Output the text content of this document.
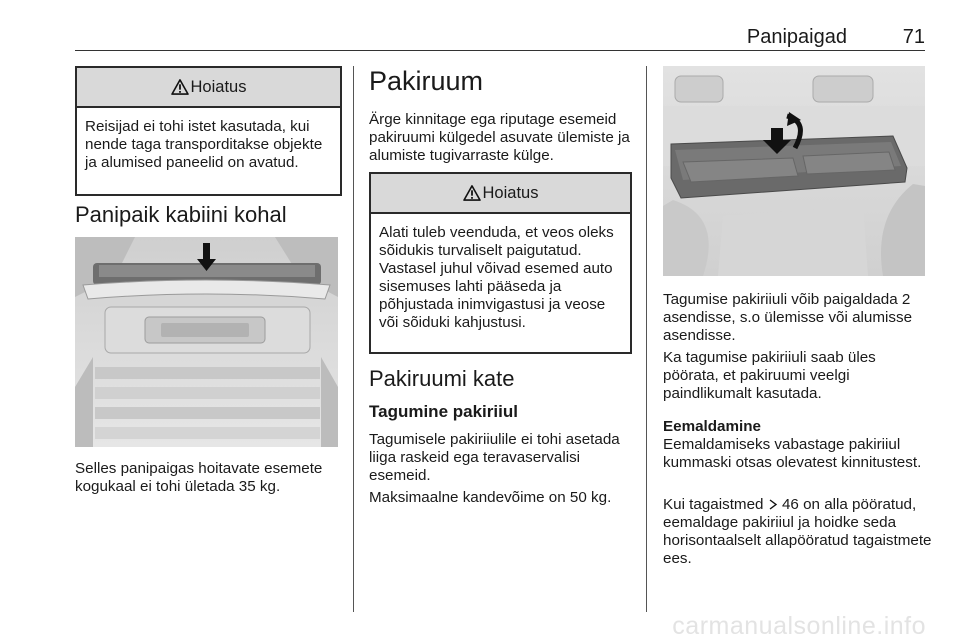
Panipaigad	71
Hoiatus
Reisijad ei tohi istet kasutada, kui nende taga transporditakse objekte ja alumised paneelid on avatud.
Panipaik kabiini kohal
Selles panipaigas hoitavate esemete kogukaal ei tohi ületada 35 kg.
Pakiruum
Ärge kinnitage ega riputage esemeid pakiruumi külgedel asuvate ülemiste ja alumiste tugivarraste külge.
Hoiatus
Alati tuleb veenduda, et veos oleks sõidukis turvaliselt paigutatud. Vastasel juhul võivad esemed auto sisemuses lahti pääseda ja põhjustada inimvigastusi ja veose või sõiduki kahjustusi.
Pakiruumi kate
Tagumine pakiriiul
Tagumisele pakiriiulile ei tohi asetada liiga raskeid ega teravaservalisi esemeid.
Maksimaalne kandevõime on 50 kg.
Tagumise pakiriiuli võib paigaldada 2 asendisse, s.o ülemisse või alumisse asendisse.
Ka tagumise pakiriiuli saab üles pöörata, et pakiruumi veelgi paindlikumalt kasutada.
Eemaldamine
Eemaldamiseks vabastage pakiriiul kummaski otsas olevatest kinnitustest.
Kui tagaistmed 46 on alla pööratud, eemaldage pakiriiul ja hoidke seda horisontaalselt allapööratud tagaistmete ees.
carmanualsonline.info
